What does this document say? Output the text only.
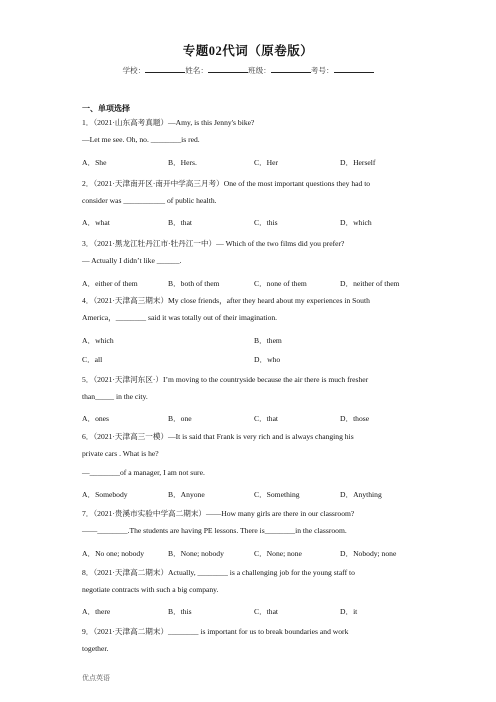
专题02代词（原卷版）
学校：	姓名：	班级：	考号：
一、单项选择
1．（2021·山东高考真题）—Amy, is this Jenny's bike?
—Let me see. Oh, no. ________is red.
A．She	B．Hers.	C．Her	D．Herself
2．（2021·天津南开区·南开中学高三月考）One of the most important questions they had to
consider was ___________ of public health.
A．what	B．that	C．this	D．which
3．（2021·黑龙江牡丹江市·牡丹江一中）— Which of the two films did you prefer?
— Actually I didn’t like ______.
A．either of them	B．both of them	C．none of them	D．neither of them
4．（2021·天津高三期末）My close friends，after they heard about my experiences in South
America，________ said it was totally out of their imagination.
A．which	B．them
C．all	D．who
5．（2021·天津河东区·）I’m moving to the countryside because the air there is much fresher
than_____ in the city.
A．ones	B．one	C．that	D．those
6．（2021·天津高三一模）—It is said that Frank is very rich and is always changing his
private cars . What is he?
—________of a manager, I am not sure.
A．Somebody	B．Anyone	C．Something	D．Anything
7．（2021·贵溪市实验中学高二期末）——How many girls are there in our classroom?
——________.The students are having PE lessons. There is________in the classroom.
A．No one; nobody	B．None; nobody	C．None; none	D．Nobody; none
8．（2021·天津高二期末）Actually, ________ is a challenging job for the young staff to
negotiate contracts with such a big company.
A．there	B．this	C．that	D．it
9．（2021·天津高二期末）________ is important for us to break boundaries and work
together.
优点英语
